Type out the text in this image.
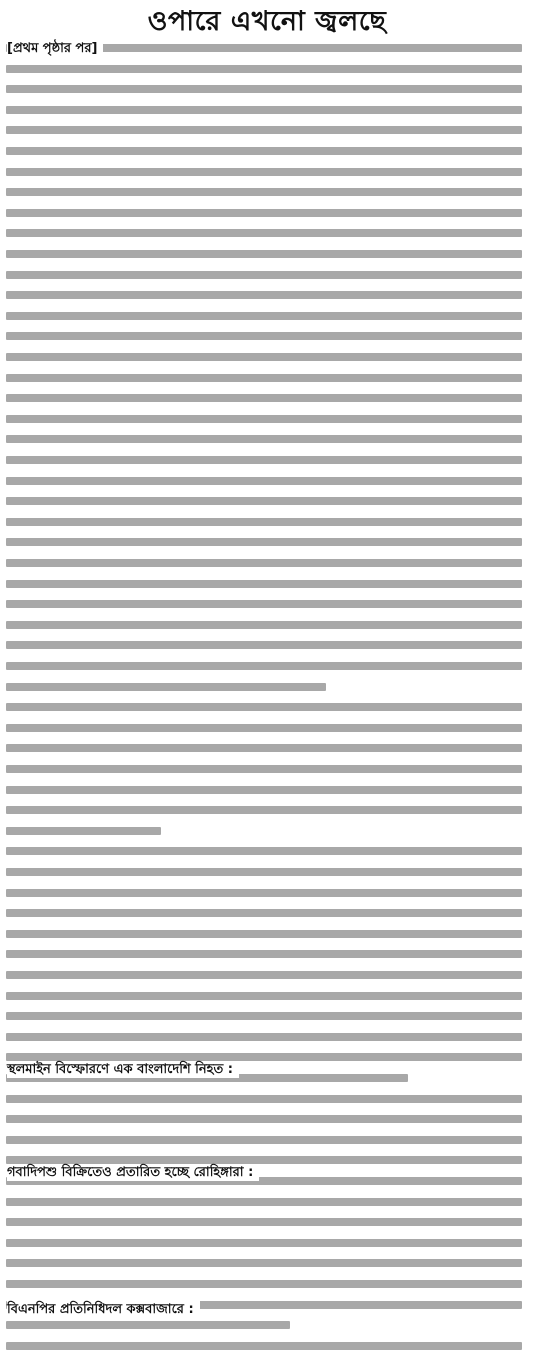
ওপারে এখনো জ্বলছে
[প্রথম পৃষ্ঠার পর]
স্থলমাইন বিস্ফোরণে এক বাংলাদেশি নিহত :
গবাদিপশু বিক্রিতেও প্রতারিত হচ্ছে রোহিঙ্গারা :
বিএনপির প্রতিনিধিদল কক্সবাজারে :
